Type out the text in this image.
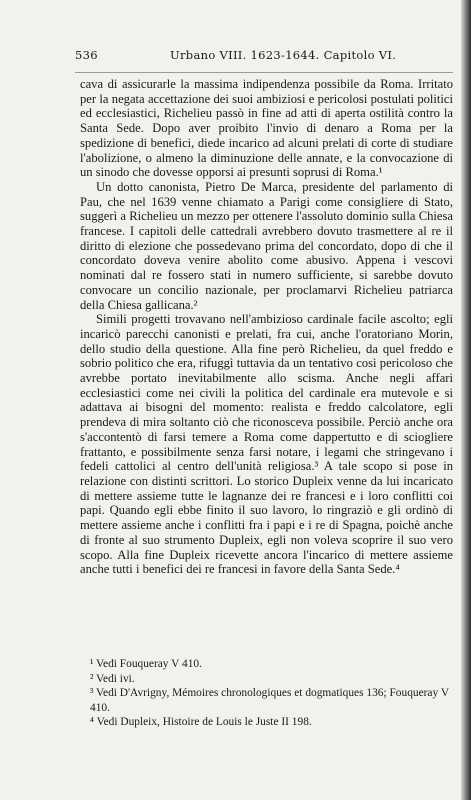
536	Urbano VIII. 1623-1644. Capitolo VI.

cava di assicurarle la massima indipendenza possibile da Roma. Irritato per la negata accettazione dei suoi ambiziosi e pericolosi postulati politici ed ecclesiastici, Richelieu passò in fine ad atti di aperta ostilità contro la Santa Sede. Dopo aver proibito l'invio di denaro a Roma per la spedizione di benefici, diede incarico ad alcuni prelati di corte di studiare l'abolizione, o almeno la diminuzione delle annate, e la convocazione di un sinodo che dovesse opporsi ai presunti soprusi di Roma.¹

Un dotto canonista, Pietro De Marca, presidente del parlamento di Pau, che nel 1639 venne chiamato a Parigi come consigliere di Stato, suggerì a Richelieu un mezzo per ottenere l'assoluto dominio sulla Chiesa francese. I capitoli delle cattedrali avrebbero dovuto trasmettere al re il diritto di elezione che possedevano prima del concordato, dopo di che il concordato doveva venire abolito come abusivo. Appena i vescovi nominati dal re fossero stati in numero sufficiente, si sarebbe dovuto convocare un concilio nazionale, per proclamarvi Richelieu patriarca della Chiesa gallicana.²

Simili progetti trovavano nell'ambizioso cardinale facile ascolto; egli incaricò parecchi canonisti e prelati, fra cui, anche l'oratoriano Morin, dello studio della questione. Alla fine però Richelieu, da quel freddo e sobrio politico che era, rifuggì tuttavia da un tentativo così pericoloso che avrebbe portato inevitabilmente allo scisma. Anche negli affari ecclesiastici come nei civili la politica del cardinale era mutevole e si adattava ai bisogni del momento: realista e freddo calcolatore, egli prendeva di mira soltanto ciò che riconosceva possibile. Perciò anche ora s'accontentò di farsi temere a Roma come dappertutto e di sciogliere frattanto, e possibilmente senza farsi notare, i legami che stringevano i fedeli cattolici al centro dell'unità religiosa.³ A tale scopo si pose in relazione con distinti scrittori. Lo storico Dupleix venne da lui incaricato di mettere assieme tutte le lagnanze dei re francesi e i loro conflitti coi papi. Quando egli ebbe finito il suo lavoro, lo ringraziò e gli ordinò di mettere assieme anche i conflitti fra i papi e i re di Spagna, poichè anche di fronte al suo strumento Dupleix, egli non voleva scoprire il suo vero scopo. Alla fine Dupleix ricevette ancora l'incarico di mettere assieme anche tutti i benefici dei re francesi in favore della Santa Sede.⁴

¹ Vedi Fouqueray V 410.
² Vedi ivi.
³ Vedi D'Avrigny, Mémoires chronologiques et dogmatiques 136; Fouqueray V 410.
⁴ Vedi Dupleix, Histoire de Louis le Juste II 198.
